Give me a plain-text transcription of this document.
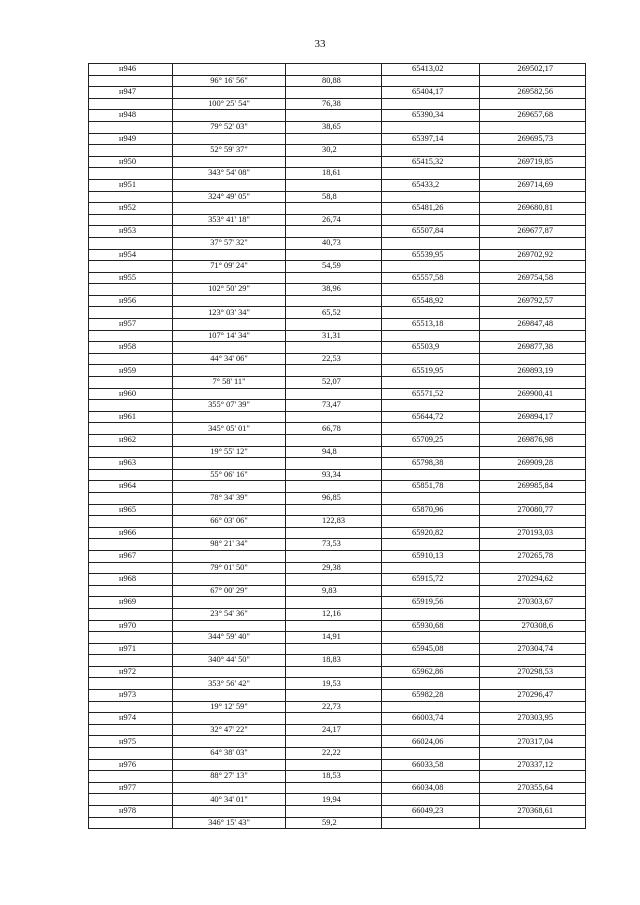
33
н946			65413,02	269502,17
	96° 16' 56"	80,88		
н947			65404,17	269582,56
	100° 25' 54"	76,38		
н948			65390,34	269657,68
	79° 52' 03"	38,65		
н949			65397,14	269695,73
	52° 59' 37"	30,2		
н950			65415,32	269719,85
	343° 54' 08"	18,61		
н951			65433,2	269714,69
	324° 49' 05"	58,8		
н952			65481,26	269680,81
	353° 41' 18"	26,74		
н953			65507,84	269677,87
	37° 57' 32"	40,73		
н954			65539,95	269702,92
	71° 09' 24"	54,59		
н955			65557,58	269754,58
	102° 50' 29"	38,96		
н956			65548,92	269792,57
	123° 03' 34"	65,52		
н957			65513,18	269847,48
	107° 14' 34"	31,31		
н958			65503,9	269877,38
	44° 34' 06"	22,53		
н959			65519,95	269893,19
	7° 58' 11"	52,07		
н960			65571,52	269900,41
	355° 07' 39"	73,47		
н961			65644,72	269894,17
	345° 05' 01"	66,78		
н962			65709,25	269876,98
	19° 55' 12"	94,8		
н963			65798,38	269909,28
	55° 06' 16"	93,34		
н964			65851,78	269985,84
	78° 34' 39"	96,85		
н965			65870,96	270080,77
	66° 03' 06"	122,83		
н966			65920,82	270193,03
	98° 21' 34"	73,53		
н967			65910,13	270265,78
	79° 01' 50"	29,38		
н968			65915,72	270294,62
	67° 00' 29"	9,83		
н969			65919,56	270303,67
	23° 54' 36"	12,16		
н970			65930,68	270308,6
	344° 59' 40"	14,91		
н971			65945,08	270304,74
	340° 44' 50"	18,83		
н972			65962,86	270298,53
	353° 56' 42"	19,53		
н973			65982,28	270296,47
	19° 12' 59"	22,73		
н974			66003,74	270303,95
	32° 47' 22"	24,17		
н975			66024,06	270317,04
	64° 38' 03"	22,22		
н976			66033,58	270337,12
	88° 27' 13"	18,53		
н977			66034,08	270355,64
	40° 34' 01"	19,94		
н978			66049,23	270368,61
	346° 15' 43"	59,2		
